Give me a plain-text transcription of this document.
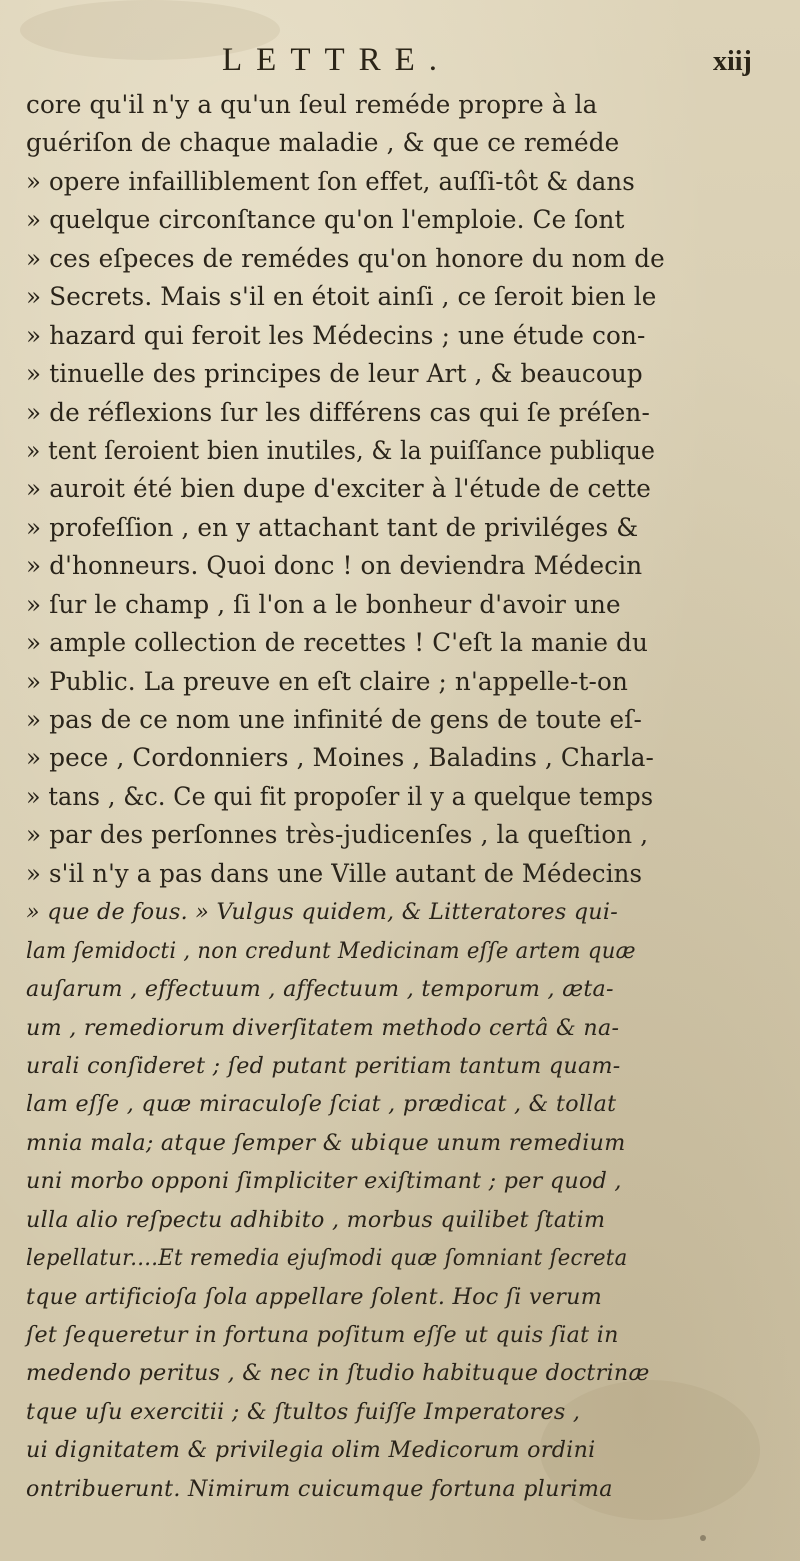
LETTRE.	xiij
core qu'il n'y a qu'un ſeul reméde propre à la
guériſon de chaque maladie , & que ce reméde
» opere infailliblement ſon effet, auſſi-tôt & dans
» quelque circonſtance qu'on l'emploie. Ce ſont
» ces eſpeces de remédes qu'on honore du nom de
» Secrets. Mais s'il en étoit ainſi , ce ſeroit bien le
» hazard qui feroit les Médecins ; une étude con-
» tinuelle des principes de leur Art , & beaucoup
» de réflexions ſur les différens cas qui ſe préſen-
» tent ſeroient bien inutiles, & la puiſſance publique
» auroit été bien dupe d'exciter à l'étude de cette
» profeſſion , en y attachant tant de priviléges &
» d'honneurs. Quoi donc ! on deviendra Médecin
» ſur le champ , ſi l'on a le bonheur d'avoir une
» ample collection de recettes ! C'eſt la manie du
» Public. La preuve en eſt claire ; n'appelle-t-on
» pas de ce nom une infinité de gens de toute eſ-
» pece , Cordonniers , Moines , Baladins , Charla-
» tans , &c. Ce qui fit propoſer il y a quelque temps
» par des perſonnes très-judicenſes , la queſtion ,
» s'il n'y a pas dans une Ville autant de Médecins
» que de fous. » Vulgus quidem, & Litteratores qui-
lam ſemidocti , non credunt Medicinam eſſe artem quæ
auſarum , effectuum , affectuum , temporum , æta-
um , remediorum diverſitatem methodo certâ & na-
urali conſideret ; ſed putant peritiam tantum quam-
lam eſſe , quæ miraculoſe ſciat , prædicat , & tollat
mnia mala; atque ſemper & ubique unum remedium
uni morbo opponi ſimpliciter exiſtimant ; per quod ,
ulla alio reſpectu adhibito , morbus quilibet ſtatim
lepellatur....Et remedia ejuſmodi quæ ſomniant ſecreta
tque artificioſa ſola appellare ſolent. Hoc ſi verum
ſet ſequeretur in fortuna poſitum eſſe ut quis ſiat in
medendo peritus , & nec in ſtudio habituque doctrinæ
tque uſu exercitii ; & ſtultos fuiſſe Imperatores ,
ui dignitatem & privilegia olim Medicorum ordini
ontribuerunt. Nimirum cuicumque fortuna plurima
